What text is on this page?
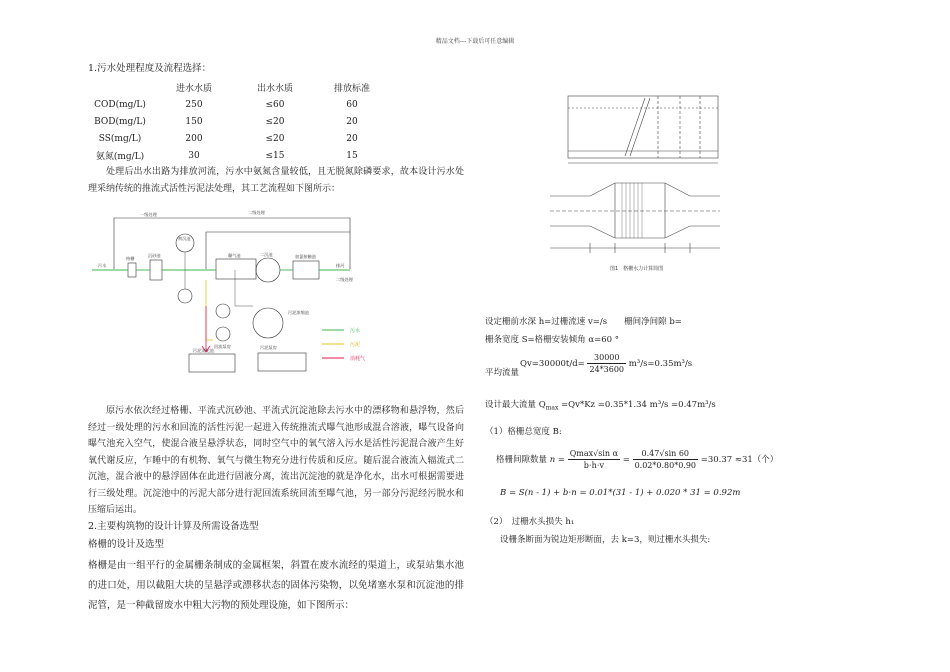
精品文档---下载后可任意编辑
1.污水处理程度及流程选择：
	进水水质	出水水质	排放标准
COD(mg/L)	250	≤60	60
BOD(mg/L)	150	≤20	20
SS(mg/L)	200	≤20	20
氨氮(mg/L)	30	≤15	15
处理后出水出路为排放河流，污水中氨氮含量较低，且无脱氮除磷要求，故本设计污水处理采纳传统的推流式活性污泥法处理，其工艺流程如下图所示：
一级处理	二级处理
污水
格栅
沉砂池
初沉池
曝气池	二沉池	加氯接触池
排河
二级处理
回流泵房
污泥浓缩池
污泥泵房
污泥消化池
污水
污泥
消耗气
原污水依次经过格栅、平流式沉砂池、平流式沉淀池除去污水中的漂移物和悬浮物，然后经过一级处理的污水和回流的活性污泥一起进入传统推流式曝气池形成混合溶液，曝气设备向曝气池充入空气，使混合液呈悬浮状态，同时空气中的氧气溶入污水是活性污泥混合液产生好氧代谢反应，乍睡中的有机物、氧气与微生物充分进行传质和反应。随后混合液流入辐流式二沉池，混合液中的悬浮固体在此进行固液分离，流出沉淀池的就是净化水，出水可根据需要进行三级处理。沉淀池中的污泥大部分进行泥回流系统回流至曝气池，另一部分污泥经污脱水和压缩后运出。
2.主要构筑物的设计计算及所需设备选型
格栅的设计及选型
格栅是由一组平行的金属栅条制成的金属框架，斜置在废水流经的渠道上，或泵站集水池的进口处，用以截阻大块的呈悬浮或漂移状态的固体污染物，以免堵塞水泵和沉淀池的排泥管，是一种截留废水中粗大污物的预处理设施，如下图所示：
图1　格栅水力计算简图
设定栅前水深 h=过栅流速 v=/s　　栅间净间隙 b=
栅条宽度 S=格栅安装倾角 α=60 °
$Qv=30000t/d= \frac{30000}{24*3600} m^3/s=0.35m^3/s$
平均流量
设计最大流量 $Q_{max} =Qv*Kz =0.35*1.34$ m³/s =0.47m³/s
（1）格栅总宽度 B:
格栅间隙数量 $n = \frac{\text{Qmax√sin α}}{b\cdot h\cdot v} = \frac{0.47√\sin 60}{0.02*0.80*0.90} =30.37 \approx 31$（个）
B = S(n - 1) + b⋅n = 0.01*(31 - 1) + 0.020 * 31 = 0.92m
（2）　过栅水头损失 h₁
设栅条断面为锐边矩形断面，去 k=3，则过栅水头损失:
